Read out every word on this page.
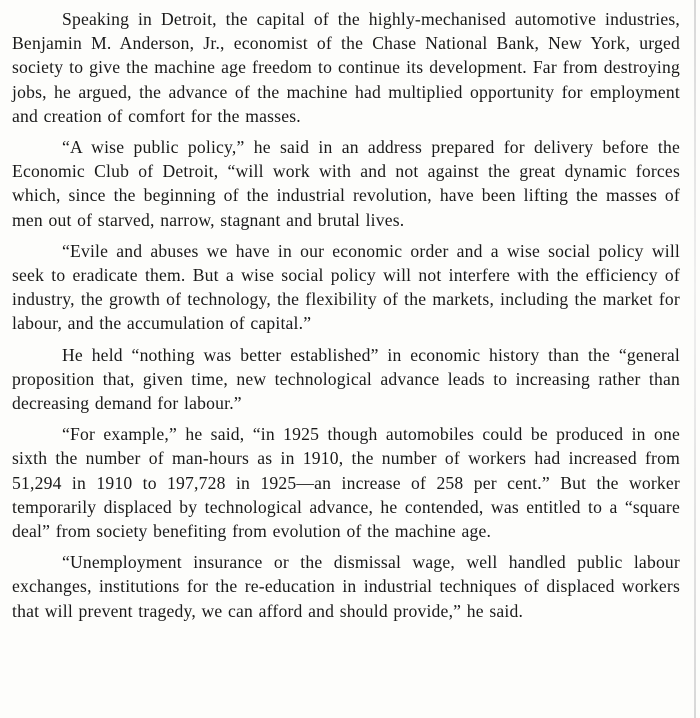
Speaking in Detroit, the capital of the highly-mechanised automotive industries, Benjamin M. Anderson, Jr., economist of the Chase National Bank, New York, urged society to give the machine age freedom to continue its development. Far from destroying jobs, he argued, the advance of the machine had multiplied opportunity for employment and creation of comfort for the masses.

“A wise public policy,” he said in an address prepared for delivery before the Economic Club of Detroit, “will work with and not against the great dynamic forces which, since the beginning of the industrial revolution, have been lifting the masses of men out of starved, narrow, stagnant and brutal lives.

“Evile and abuses we have in our economic order and a wise social policy will seek to eradicate them. But a wise social policy will not interfere with the efficiency of industry, the growth of technology, the flexibility of the markets, including the market for labour, and the accumulation of capital.”

He held “nothing was better established” in economic history than the “general proposition that, given time, new technological advance leads to increasing rather than decreasing demand for labour.”

“For example,” he said, “in 1925 though automobiles could be produced in one sixth the number of man-hours as in 1910, the number of workers had increased from 51,294 in 1910 to 197,728 in 1925—an increase of 258 per cent.” But the worker temporarily displaced by technological advance, he contended, was entitled to a “square deal” from society benefiting from evolution of the machine age.

“Unemployment insurance or the dismissal wage, well handled public labour exchanges, institutions for the re-education in industrial techniques of displaced workers that will prevent tragedy, we can afford and should provide,” he said.
